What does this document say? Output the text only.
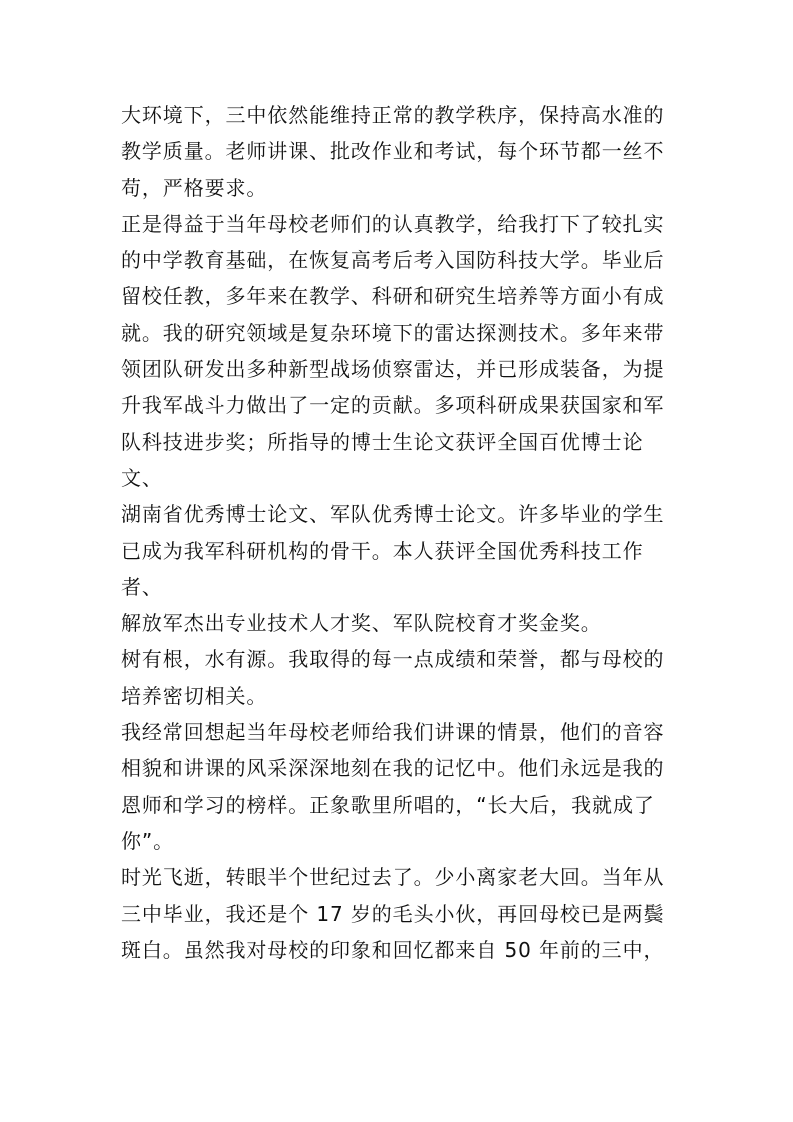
大环境下，三中依然能维持正常的教学秩序，保持高水准的
教学质量。老师讲课、批改作业和考试，每个环节都一丝不
苟，严格要求。

正是得益于当年母校老师们的认真教学，给我打下了较扎实
的中学教育基础，在恢复高考后考入国防科技大学。毕业后
留校任教，多年来在教学、科研和研究生培养等方面小有成
就。我的研究领域是复杂环境下的雷达探测技术。多年来带
领团队研发出多种新型战场侦察雷达，并已形成装备，为提
升我军战斗力做出了一定的贡献。多项科研成果获国家和军
队科技进步奖；所指导的博士生论文获评全国百优博士论文、
湖南省优秀博士论文、军队优秀博士论文。许多毕业的学生
已成为我军科研机构的骨干。本人获评全国优秀科技工作者、
解放军杰出专业技术人才奖、军队院校育才奖金奖。

树有根，水有源。我取得的每一点成绩和荣誉，都与母校的
培养密切相关。

我经常回想起当年母校老师给我们讲课的情景，他们的音容
相貌和讲课的风采深深地刻在我的记忆中。他们永远是我的
恩师和学习的榜样。正象歌里所唱的，“长大后，我就成了
你”。

时光飞逝，转眼半个世纪过去了。少小离家老大回。当年从
三中毕业，我还是个 17 岁的毛头小伙，再回母校已是两鬓
斑白。虽然我对母校的印象和回忆都来自 50 年前的三中，
